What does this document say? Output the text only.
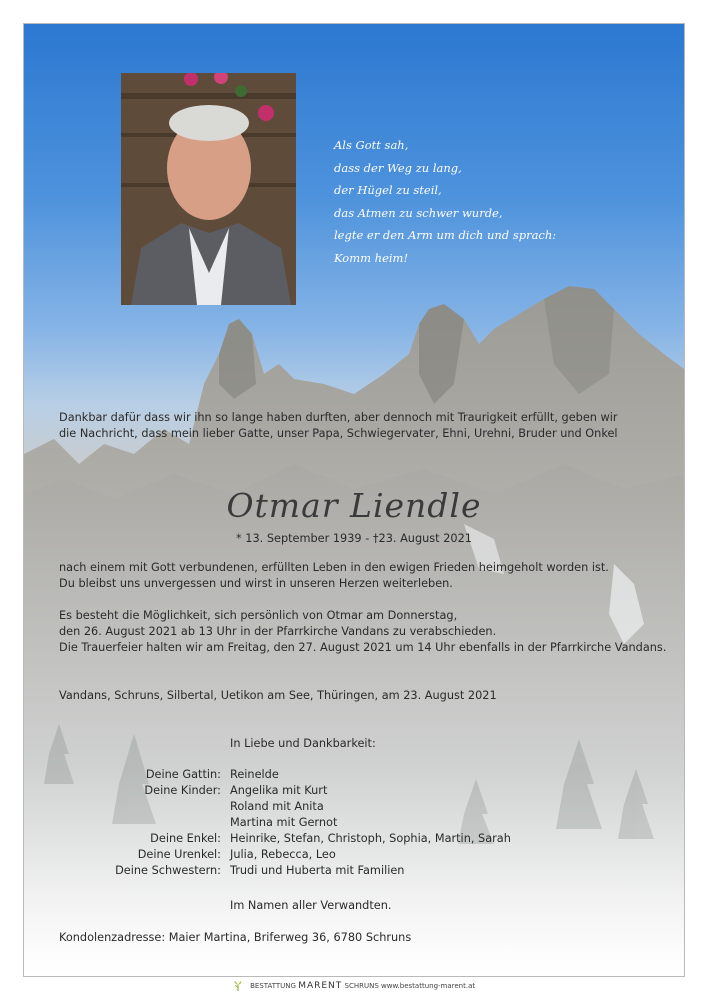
Als Gott sah,
dass der Weg zu lang,
der Hügel zu steil,
das Atmen zu schwer wurde,
legte er den Arm um dich und sprach:
Komm heim!
Dankbar dafür dass wir ihn so lange haben durften, aber dennoch mit Traurigkeit erfüllt, geben wir
die Nachricht, dass mein lieber Gatte, unser Papa, Schwiegervater, Ehni, Urehni, Bruder und Onkel
Otmar Liendle
* 13. September 1939 - †23. August 2021
nach einem mit Gott verbundenen, erfüllten Leben in den ewigen Frieden heimgeholt worden ist.
Du bleibst uns unvergessen und wirst in unseren Herzen weiterleben.
Es besteht die Möglichkeit, sich persönlich von Otmar am Donnerstag,
den 26. August 2021 ab 13 Uhr in der Pfarrkirche Vandans zu verabschieden.
Die Trauerfeier halten wir am Freitag, den 27. August 2021 um 14 Uhr ebenfalls in der Pfarrkirche Vandans.
Vandans, Schruns, Silbertal, Uetikon am See, Thüringen, am 23. August 2021
In Liebe und Dankbarkeit:
Deine Gattin: Reinelde
Deine Kinder: Angelika mit Kurt
Roland mit Anita
Martina mit Gernot
Deine Enkel: Heinrike, Stefan, Christoph, Sophia, Martin, Sarah
Deine Urenkel: Julia, Rebecca, Leo
Deine Schwestern: Trudi und Huberta mit Familien
Im Namen aller Verwandten.
Kondolenzadresse: Maier Martina, Briferweg 36, 6780 Schruns
BESTATTUNG MARENT SCHRUNS www.bestattung-marent.at
